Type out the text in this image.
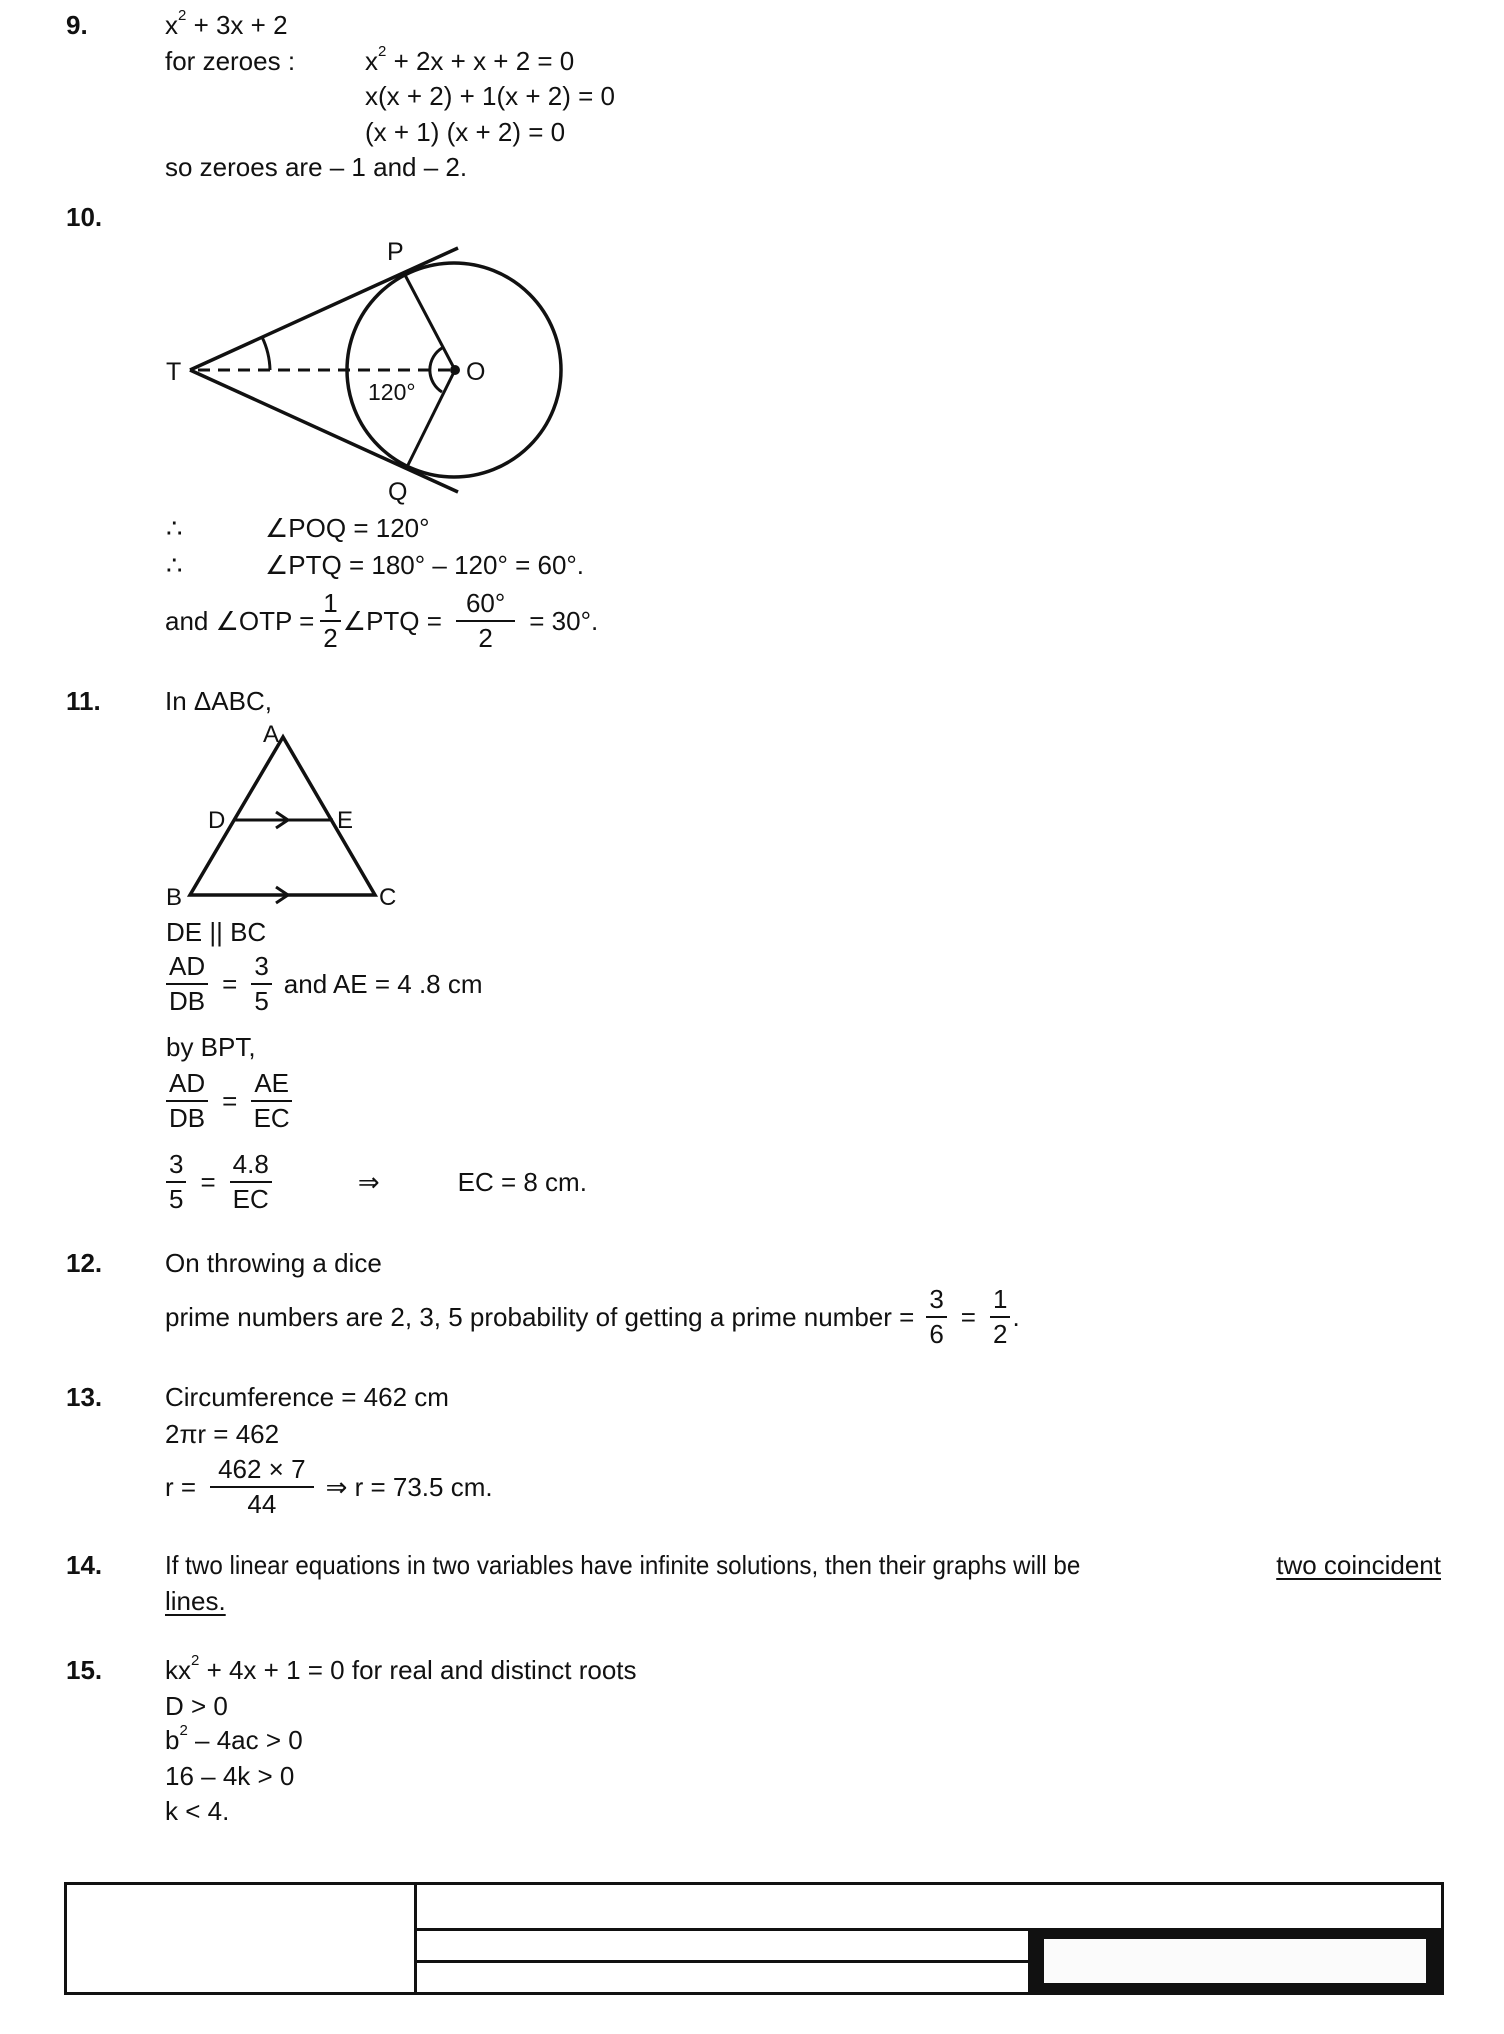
9.	$x^2 + 3x + 2$
for zeroes :	$x^2 + 2x + x + 2 = 0$
x(x + 2) + 1(x + 2) = 0
(x + 1) (x + 2) = 0
so zeroes are – 1 and – 2.
10.
P
T	O
Q
120°
∴	∠POQ = 120°
∴	∠PTQ = 180° – 120° = 60°.
and ∠OTP = $\frac{1}{2}$ ∠PTQ = $\frac{60^\circ}{2} = 30^\circ$.
11. In ΔABC,
A
D	E
B	C
DE || BC
$\frac{AD}{DB} = \frac{3}{5}$ and AE = 4 .8 cm
by BPT,
$\frac{AD}{DB} = \frac{AE}{EC}$
$\frac{3}{5} = \frac{4.8}{EC}$	⇒	EC = 8 cm.
12. On throwing a dice
prime numbers are 2, 3, 5 probability of getting a prime number = $\frac{3}{6} = \frac{1}{2}$ .
13. Circumference = 462 cm
2πr = 462
$r = \frac{462 \times 7}{44}$ ⇒ r = 73.5 cm.
14. If two linear equations in two variables have infinite solutions, then their graphs will be	two coincident
lines.
15. $kx^2 + 4x + 1 = 0$ for real and distinct roots
D > 0
$b^2 - 4ac > 0$
16 – 4k > 0
k < 4.
